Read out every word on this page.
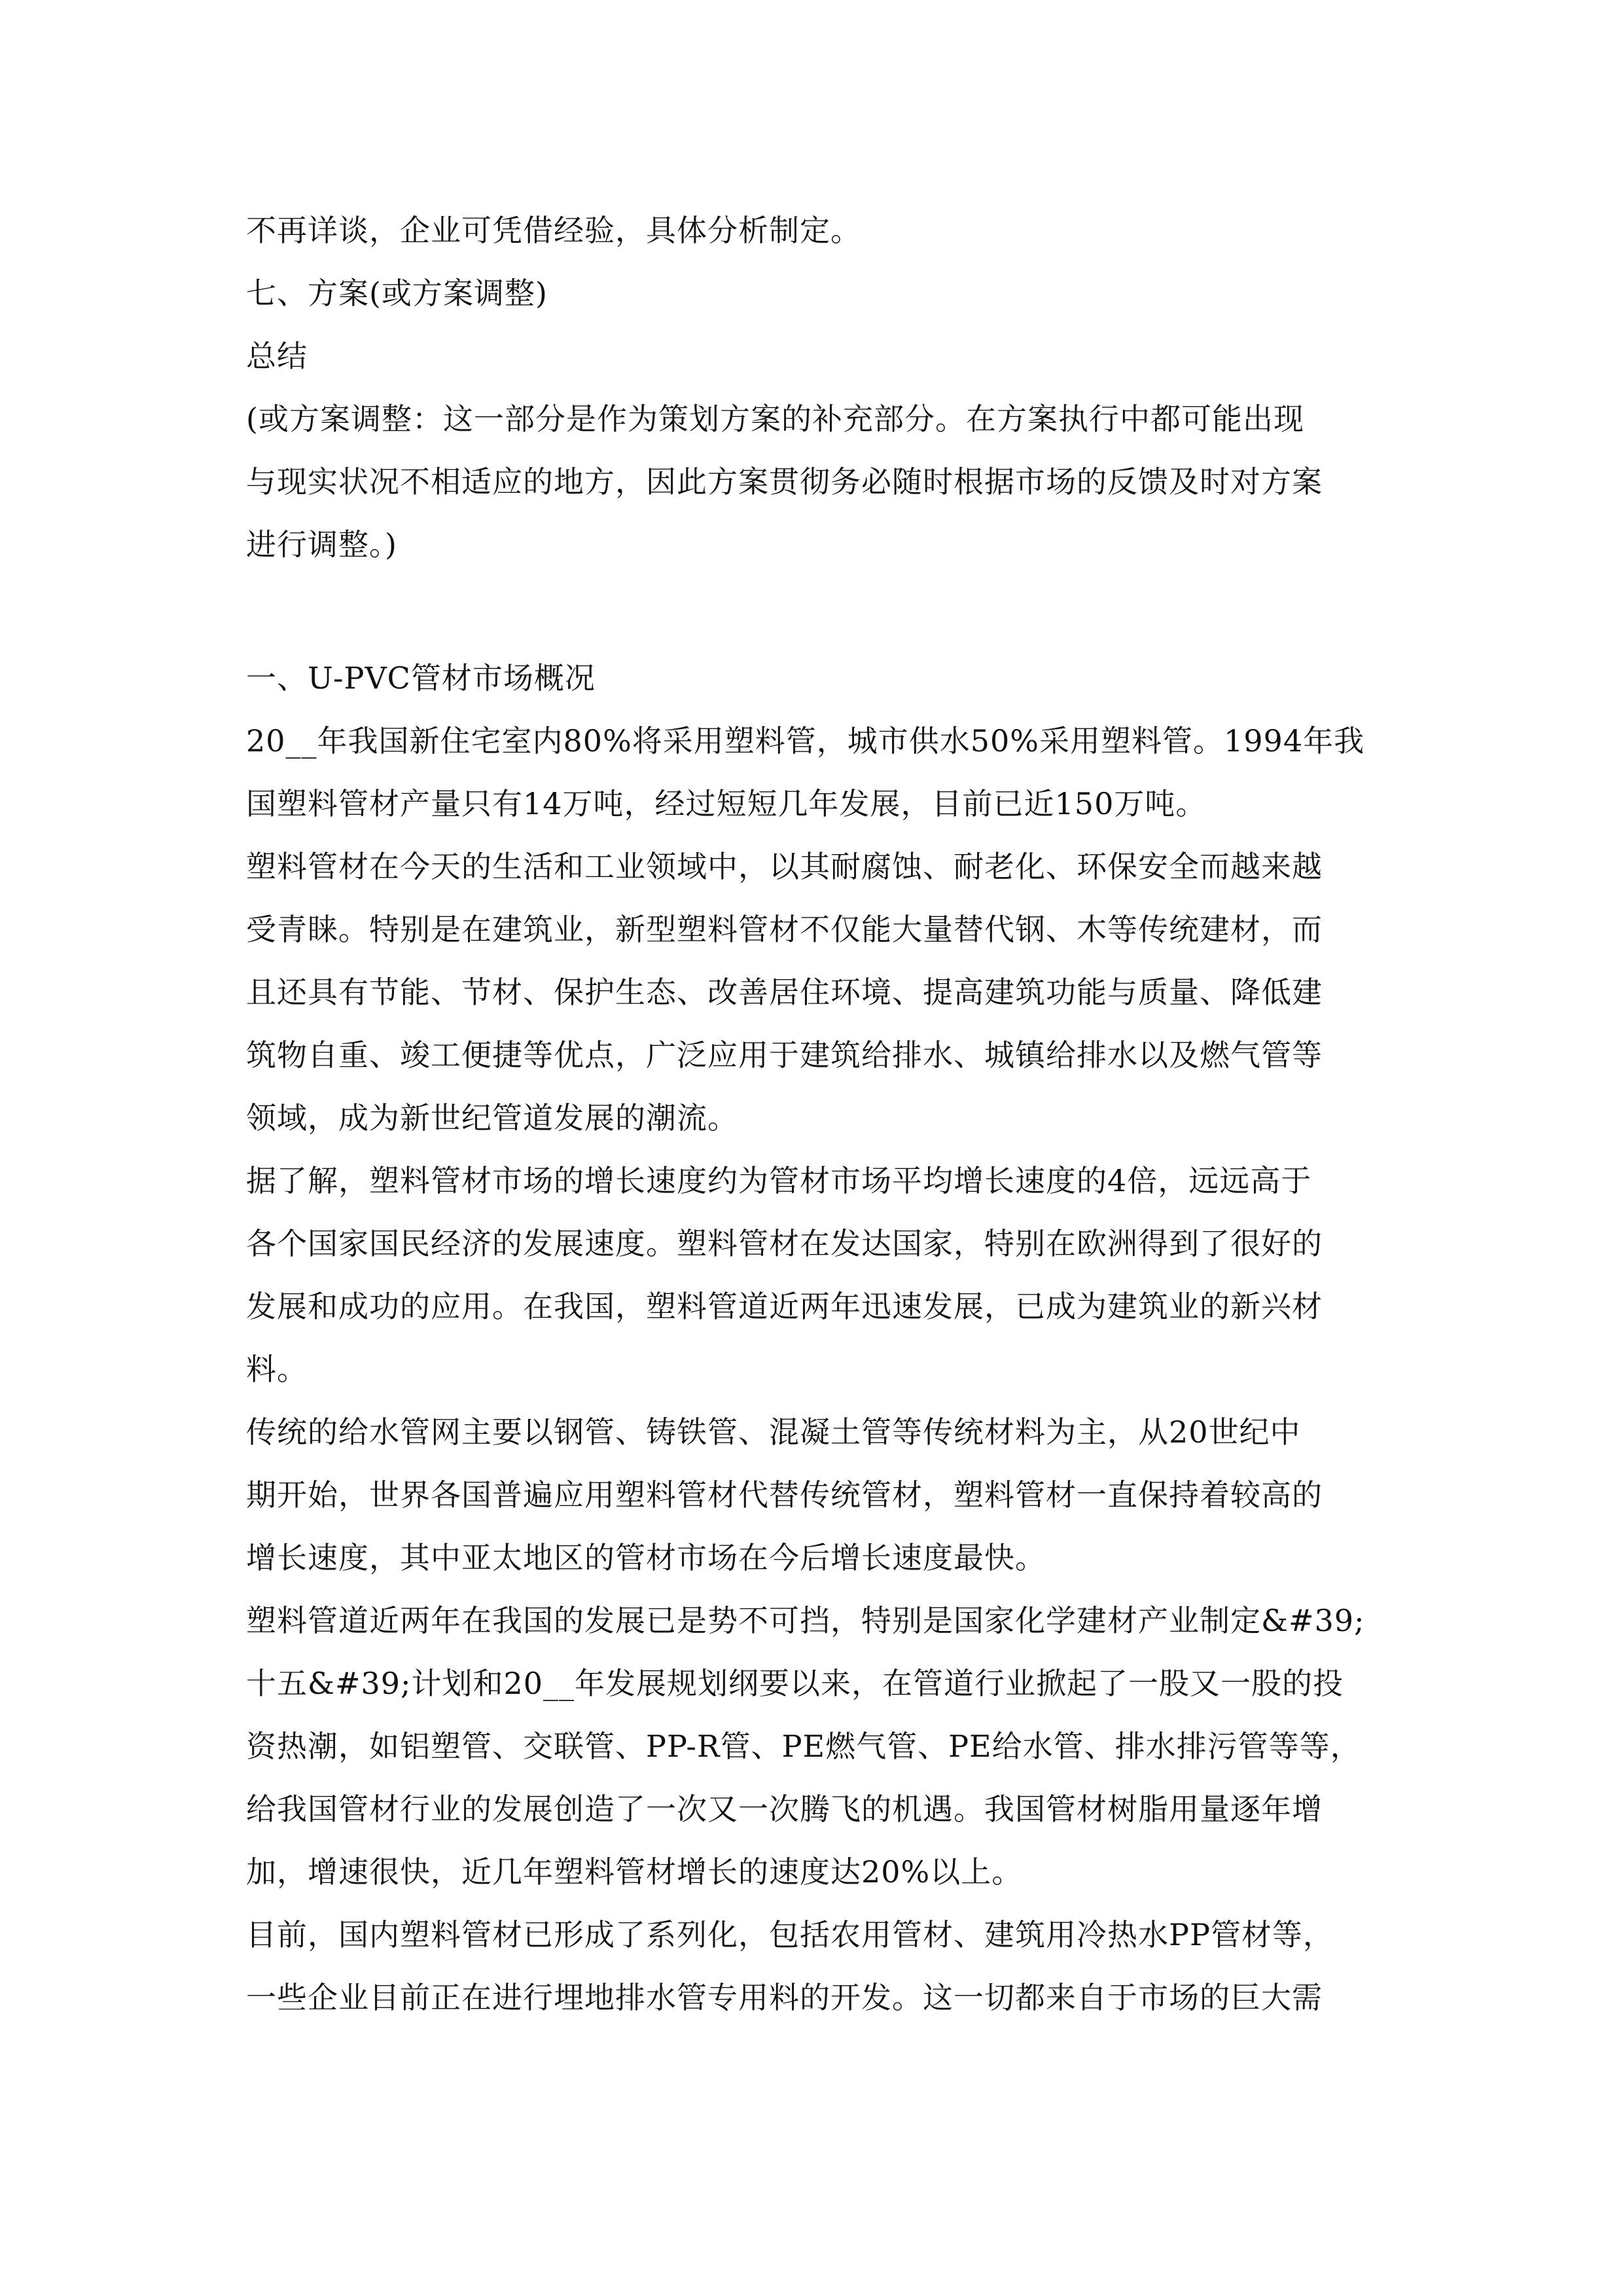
不再详谈，企业可凭借经验，具体分析制定。
七、方案(或方案调整)
总结
(或方案调整：这一部分是作为策划方案的补充部分。在方案执行中都可能出现
与现实状况不相适应的地方，因此方案贯彻务必随时根据市场的反馈及时对方案
进行调整。)
一、U-PVC管材市场概况
20__年我国新住宅室内80%将采用塑料管，城市供水50%采用塑料管。1994年我
国塑料管材产量只有14万吨，经过短短几年发展，目前已近150万吨。
塑料管材在今天的生活和工业领域中，以其耐腐蚀、耐老化、环保安全而越来越
受青睐。特别是在建筑业，新型塑料管材不仅能大量替代钢、木等传统建材，而
且还具有节能、节材、保护生态、改善居住环境、提高建筑功能与质量、降低建
筑物自重、竣工便捷等优点，广泛应用于建筑给排水、城镇给排水以及燃气管等
领域，成为新世纪管道发展的潮流。
据了解，塑料管材市场的增长速度约为管材市场平均增长速度的4倍，远远高于
各个国家国民经济的发展速度。塑料管材在发达国家，特别在欧洲得到了很好的
发展和成功的应用。在我国，塑料管道近两年迅速发展，已成为建筑业的新兴材
料。
传统的给水管网主要以钢管、铸铁管、混凝土管等传统材料为主，从20世纪中
期开始，世界各国普遍应用塑料管材代替传统管材，塑料管材一直保持着较高的
增长速度，其中亚太地区的管材市场在今后增长速度最快。
塑料管道近两年在我国的发展已是势不可挡，特别是国家化学建材产业制定&#39;
十五&#39;计划和20__年发展规划纲要以来，在管道行业掀起了一股又一股的投
资热潮，如铝塑管、交联管、PP-R管、PE燃气管、PE给水管、排水排污管等等，
给我国管材行业的发展创造了一次又一次腾飞的机遇。我国管材树脂用量逐年增
加，增速很快，近几年塑料管材增长的速度达20%以上。
目前，国内塑料管材已形成了系列化，包括农用管材、建筑用冷热水PP管材等，
一些企业目前正在进行埋地排水管专用料的开发。这一切都来自于市场的巨大需
